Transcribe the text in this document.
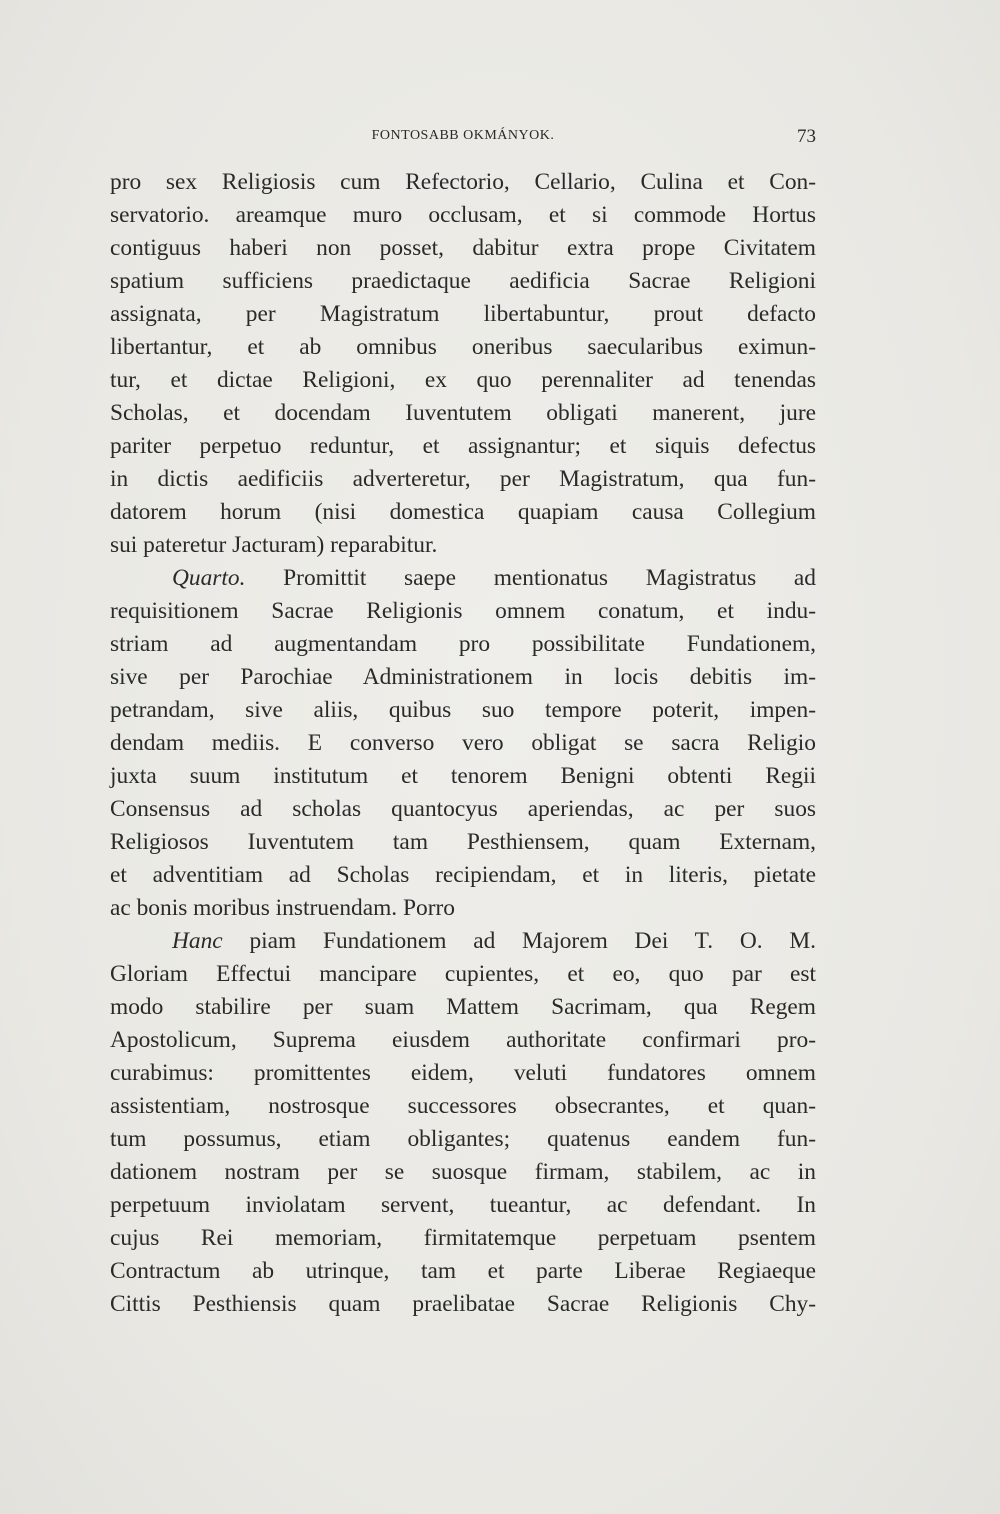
FONTOSABB OKMÁNYOK.	73
pro sex Religiosis cum Refectorio, Cellario, Culina et Con-
servatorio. areamque muro occlusam, et si commode Hortus
contiguus haberi non posset, dabitur extra prope Civitatem
spatium sufficiens praedictaque aedificia Sacrae Religioni
assignata, per Magistratum libertabuntur, prout defacto
libertantur, et ab omnibus oneribus saecularibus eximun-
tur, et dictae Religioni, ex quo perennaliter ad tenendas
Scholas, et docendam Iuventutem obligati manerent, jure
pariter perpetuo reduntur, et assignantur; et siquis defectus
in dictis aedificiis adverteretur, per Magistratum, qua fun-
datorem horum (nisi domestica quapiam causa Collegium
sui pateretur Jacturam) reparabitur.
Quarto. Promittit saepe mentionatus Magistratus ad
requisitionem Sacrae Religionis omnem conatum, et indu-
striam ad augmentandam pro possibilitate Fundationem,
sive per Parochiae Administrationem in locis debitis im-
petrandam, sive aliis, quibus suo tempore poterit, impen-
dendam mediis. E converso vero obligat se sacra Religio
juxta suum institutum et tenorem Benigni obtenti Regii
Consensus ad scholas quantocyus aperiendas, ac per suos
Religiosos Iuventutem tam Pesthiensem, quam Externam,
et adventitiam ad Scholas recipiendam, et in literis, pietate
ac bonis moribus instruendam. Porro
Hanc piam Fundationem ad Majorem Dei T. O. M.
Gloriam Effectui mancipare cupientes, et eo, quo par est
modo stabilire per suam Mattem Sacrimam, qua Regem
Apostolicum, Suprema eiusdem authoritate confirmari pro-
curabimus: promittentes eidem, veluti fundatores omnem
assistentiam, nostrosque successores obsecrantes, et quan-
tum possumus, etiam obligantes; quatenus eandem fun-
dationem nostram per se suosque firmam, stabilem, ac in
perpetuum inviolatam servent, tueantur, ac defendant. In
cujus Rei memoriam, firmitatemque perpetuam psentem
Contractum ab utrinque, tam et parte Liberae Regiaeque
Cittis Pesthiensis quam praelibatae Sacrae Religionis Chy-
